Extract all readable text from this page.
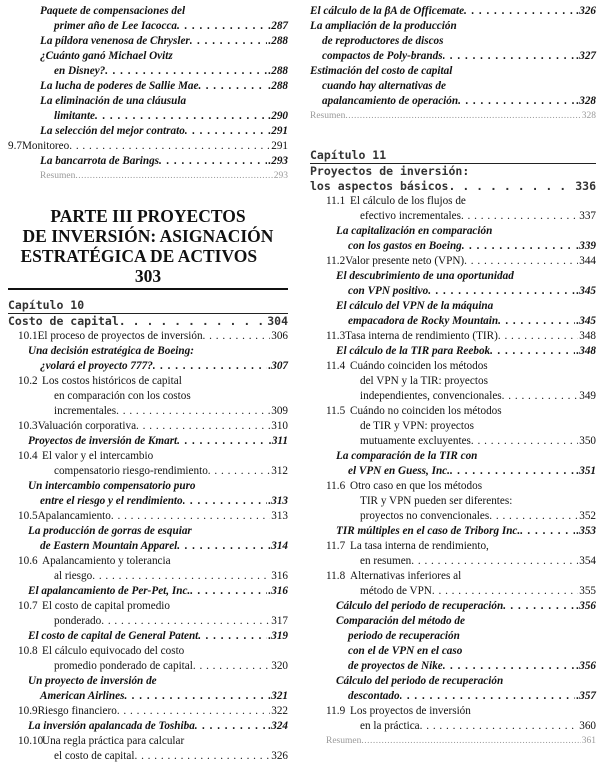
Paquete de compensaciones del
primer año de Lee Iacocca . . .	.287
La píldora venenosa de Chrysler . . .	.288
¿Cuánto ganó Michael Ovitz
en Disney? . . .	.288
La lucha de poderes de Sallie Mae . . .	.288
La eliminación de una cláusula
limitante . . .	.290
La selección del mejor contrato . . .	.291
9.7 Monitoreo . . .	291
La bancarrota de Barings . . .	.293
Resumen .....	293
PARTE III PROYECTOS
DE INVERSIÓN: ASIGNACIÓN
ESTRATÉGICA DE ACTIVOS  303
Capítulo 10
Costo de capital . . .	304
10.1 El proceso de proyectos de inversión . . .	306
Una decisión estratégica de Boeing:
¿volará el proyecto 777? . . .	.307
10.2 Los costos históricos de capital
en comparación con los costos
incrementales . . .	309
10.3 Valuación corporativa . . .	310
Proyectos de inversión de Kmart . . .	.311
10.4 El valor y el intercambio
compensatorio riesgo-rendimiento . . .	312
Un intercambio compensatorio puro
entre el riesgo y el rendimiento . . .	.313
10.5 Apalancamiento . . .	313
La producción de gorras de esquiar
de Eastern Mountain Apparel . . .	.314
10.6 Apalancamiento y tolerancia
al riesgo . . .	316
El apalancamiento de Per-Pet, Inc. . . .	.316
10.7 El costo de capital promedio
ponderado . . .	317
El costo de capital de General Patent . . .	.319
10.8 El cálculo equivocado del costo
promedio ponderado de capital . . .	320
Un proyecto de inversión de
American Airlines . . .	.321
10.9 Riesgo financiero . . .	322
La inversión apalancada de Toshiba . . .	.324
10.10
Una regla práctica para calcular
el costo de capital . . .	326
El cálculo de la βA de Officemate . . .	.326
La ampliación de la producción
de reproductores de discos
compactos de Poly-brands . . .	.327
Estimación del costo de capital
cuando hay alternativas de
apalancamiento de operación . . .	.328
Resumen .....	328
Capítulo 11
Proyectos de inversión:
los aspectos básicos . . .	336
11.1 El cálculo de los flujos de
efectivo incrementales . . .	337
La capitalización en comparación
con los gastos en Boeing . . .	.339
11.2 Valor presente neto (VPN) . . .	344
El descubrimiento de una oportunidad
con VPN positivo . . .	.345
El cálculo del VPN de la máquina
empacadora de Rocky Mountain . . .	.345
11.3 Tasa interna de rendimiento (TIR) . . .	348
El cálculo de la TIR para Reebok . . .	.348
11.4 Cuándo coinciden los métodos
del VPN y la TIR: proyectos
independientes, convencionales . . .	349
11.5 Cuándo no coinciden los métodos
de TIR y VPN: proyectos
mutuamente excluyentes . . .	350
La comparación de la TIR con
el VPN en Guess, Inc. . . .	.351
11.6 Otro caso en que los métodos
TIR y VPN pueden ser diferentes:
proyectos no convencionales . . .	352
TIR múltiples en el caso de Triborg Inc. . . .	.353
11.7 La tasa interna de rendimiento,
en resumen . . .	354
11.8 Alternativas inferiores al
método de VPN . . .	355
Cálculo del periodo de recuperación . . .	.356
Comparación del método de
periodo de recuperación
con el de VPN en el caso
de proyectos de Nike . . .	.356
Cálculo del periodo de recuperación
descontado . . .	.357
11.9 Los proyectos de inversión
en la práctica . . .	360
Resumen .....	361
